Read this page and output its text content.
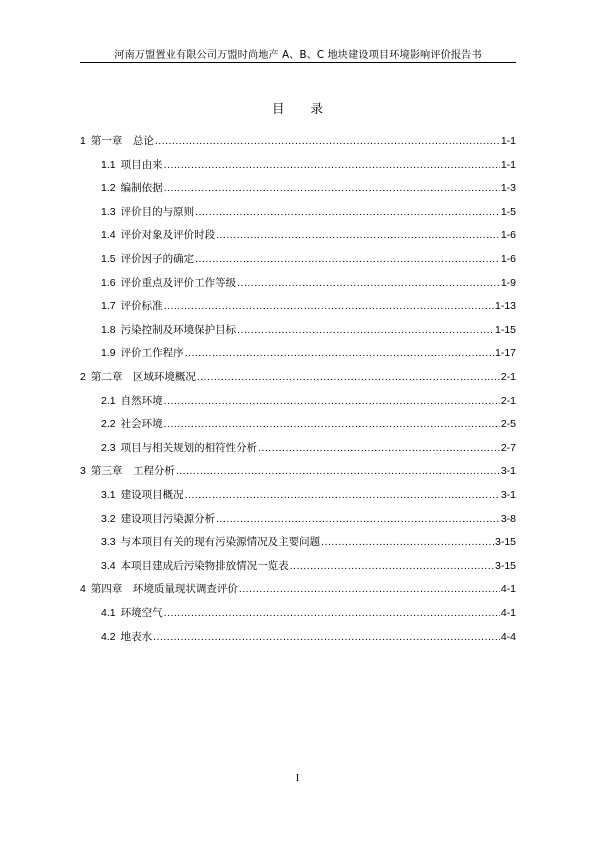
河南万盟置业有限公司万盟时尚地产 A、B、C 地块建设项目环境影响评价报告书
目录
1 第一章　总论 .....	1-1
1.1 项目由来 .....	1-1
1.2 编制依据 .....	1-3
1.3 评价目的与原则 .....	1-5
1.4 评价对象及评价时段 .....	1-6
1.5 评价因子的确定 .....	1-6
1.6 评价重点及评价工作等级 .....	1-9
1.7 评价标准 .....	1-13
1.8 污染控制及环境保护目标 .....	1-15
1.9 评价工作程序 .....	1-17
2 第二章　区域环境概况 .....	2-1
2.1 自然环境 .....	2-1
2.2 社会环境 .....	2-5
2.3 项目与相关规划的相符性分析 .....	2-7
3 第三章　工程分析 .....	3-1
3.1 建设项目概况 .....	3-1
3.2 建设项目污染源分析 .....	3-8
3.3 与本项目有关的现有污染源情况及主要问题 .....	3-15
3.4 本项目建成后污染物排放情况一览表 .....	3-15
4 第四章　环境质量现状调查评价 .....	4-1
4.1 环境空气 .....	4-1
4.2 地表水 .....	4-4
I
